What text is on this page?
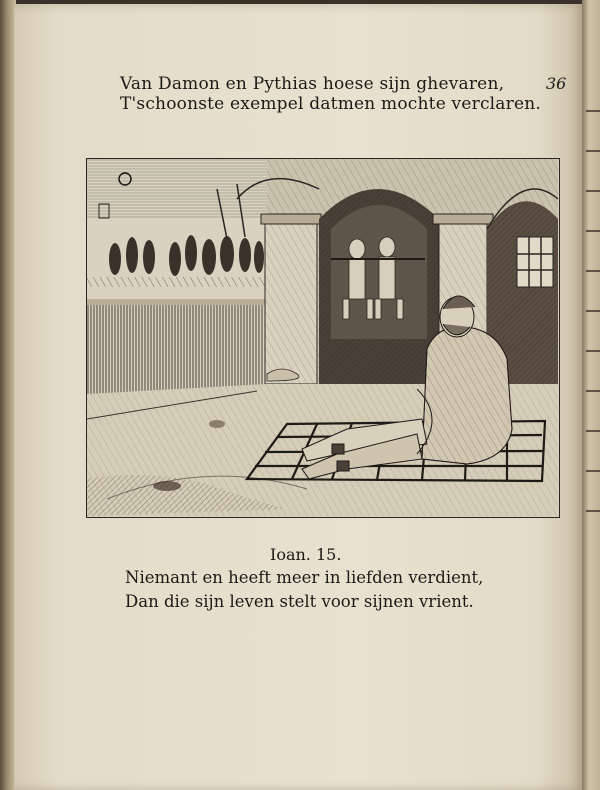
Van Damon en Pythias hoese sijn ghevaren,
T'schoonste exempel datmen mochte verclaren.
36
Ioan. 15.
Niemant en heeft meer in liefden verdient,
Dan die sijn leven stelt voor sijnen vrient.
